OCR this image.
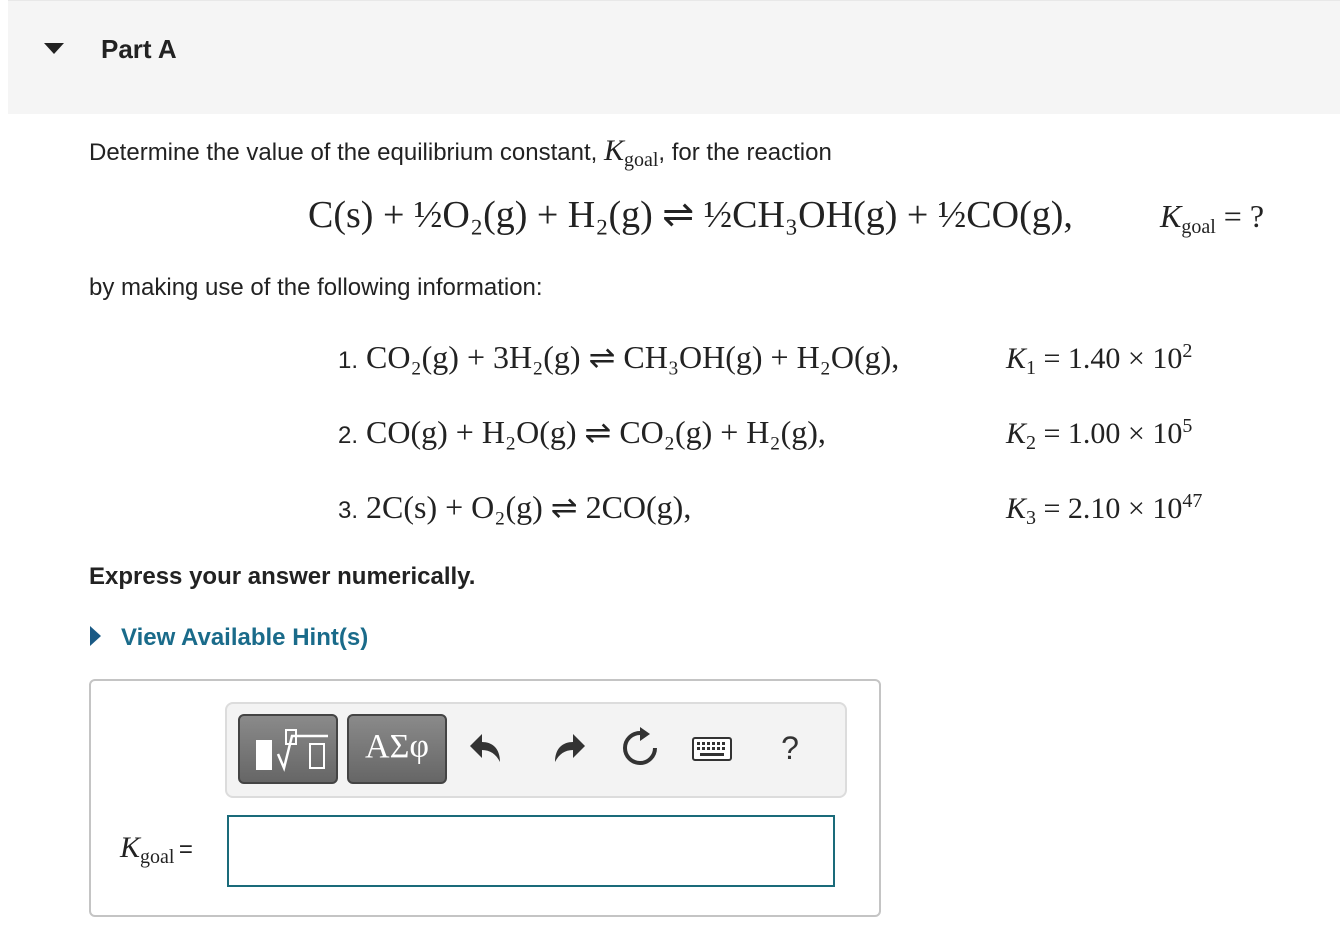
Part A
Determine the value of the equilibrium constant, $K_{goal}$, for the reaction
C(s) + ½O₂(g) + H₂(g) ⇌ ½CH₃OH(g) + ½CO(g),	Kgoal = ?
by making use of the following information:
1. CO₂(g) + 3H₂(g) ⇌ CH₃OH(g) + H₂O(g),	$K_1 = 1.40 \times 10^2$
2. CO(g) + H₂O(g) ⇌ CO₂(g) + H₂(g),	$K_2 = 1.00 \times 10^5$
3. 2C(s) + O₂(g) ⇌ 2CO(g),	$K_3 = 2.10 \times 10^{47}$
Express your answer numerically.
View Available Hint(s)
ΑΣφ	?
Kgoal =
